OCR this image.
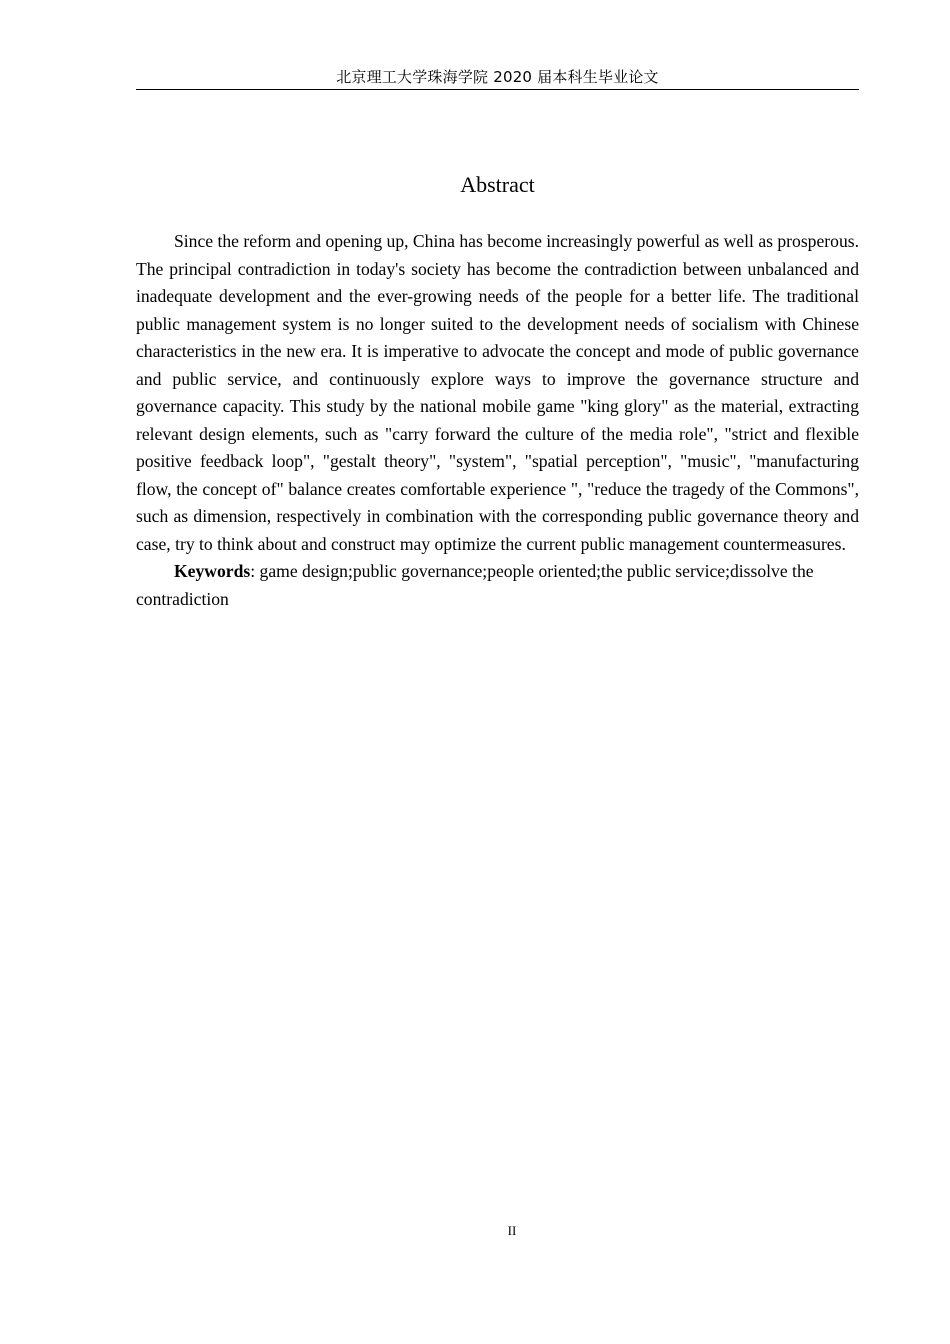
北京理工大学珠海学院 2020 届本科生毕业论文
Abstract

Since the reform and opening up, China has become increasingly powerful as well as prosperous. The principal contradiction in today's society has become the contradiction between unbalanced and inadequate development and the ever-growing needs of the people for a better life. The traditional public management system is no longer suited to the development needs of socialism with Chinese characteristics in the new era. It is imperative to advocate the concept and mode of public governance and public service, and continuously explore ways to improve the governance structure and governance capacity. This study by the national mobile game "king glory" as the material, extracting relevant design elements, such as "carry forward the culture of the media role", "strict and flexible positive feedback loop", "gestalt theory", "system", "spatial perception", "music", "manufacturing flow, the concept of" balance creates comfortable experience ", "reduce the tragedy of the Commons", such as dimension, respectively in combination with the corresponding public governance theory and case, try to think about and construct may optimize the current public management countermeasures.

Keywords: game design;public governance;people oriented;the public service;dissolve the contradiction

II
